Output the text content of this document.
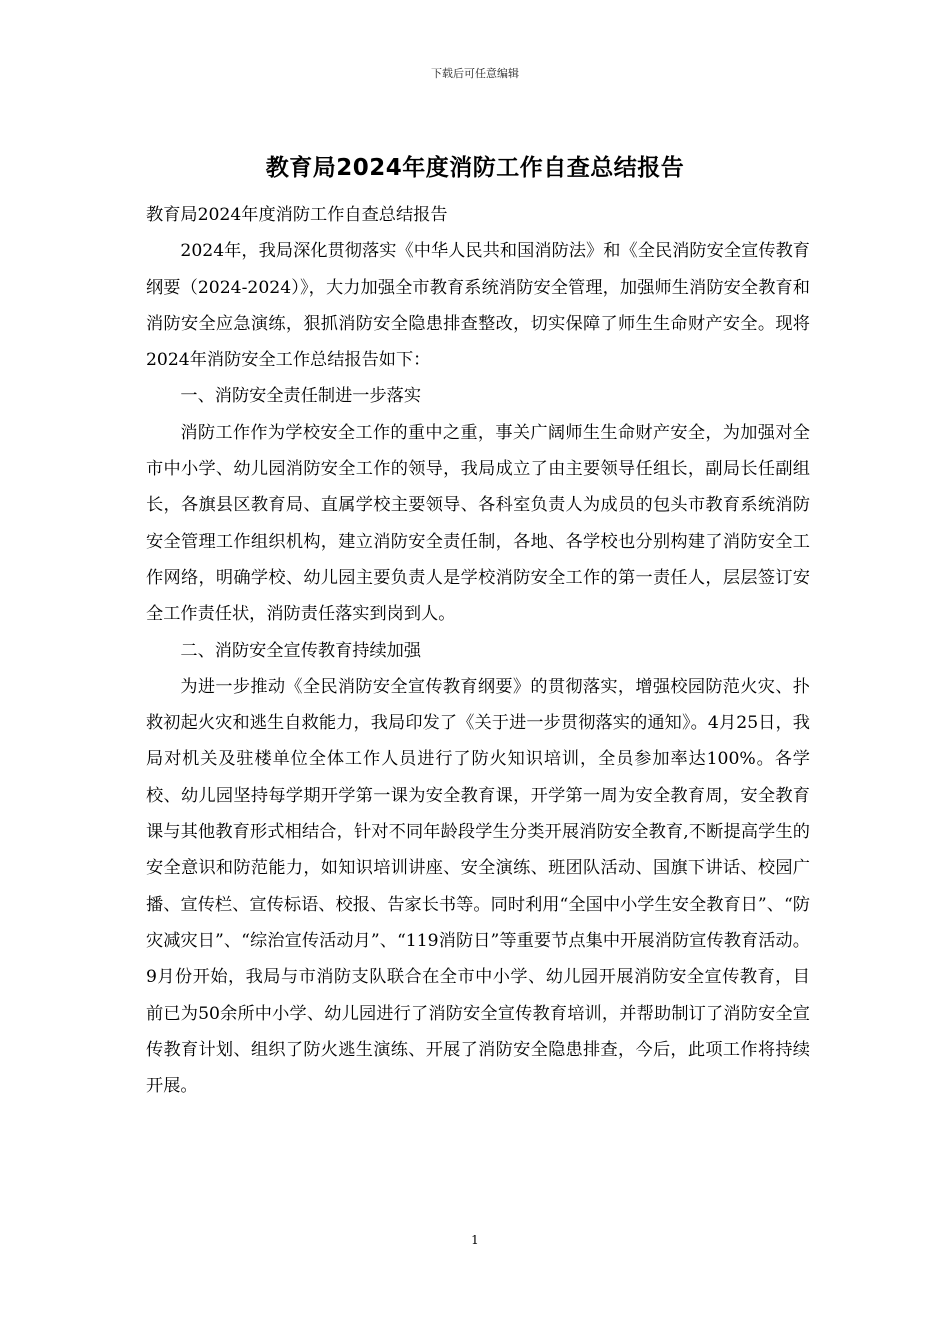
下载后可任意编辑
教育局2024年度消防工作自查总结报告

教育局2024年度消防工作自查总结报告

2024年，我局深化贯彻落实《中华人民共和国消防法》和《全民消防安全宣传教育纲要（2024-2024）》，大力加强全市教育系统消防安全管理，加强师生消防安全教育和消防安全应急演练，狠抓消防安全隐患排查整改，切实保障了师生生命财产安全。现将2024年消防安全工作总结报告如下：

一、消防安全责任制进一步落实

消防工作作为学校安全工作的重中之重，事关广阔师生生命财产安全，为加强对全市中小学、幼儿园消防安全工作的领导，我局成立了由主要领导任组长，副局长任副组长，各旗县区教育局、直属学校主要领导、各科室负责人为成员的包头市教育系统消防安全管理工作组织机构，建立消防安全责任制，各地、各学校也分别构建了消防安全工作网络，明确学校、幼儿园主要负责人是学校消防安全工作的第一责任人，层层签订安全工作责任状，消防责任落实到岗到人。

二、消防安全宣传教育持续加强

为进一步推动《全民消防安全宣传教育纲要》的贯彻落实，增强校园防范火灾、扑救初起火灾和逃生自救能力，我局印发了《关于进一步贯彻落实的通知》。4月25日，我局对机关及驻楼单位全体工作人员进行了防火知识培训，全员参加率达100%。各学校、幼儿园坚持每学期开学第一课为安全教育课，开学第一周为安全教育周，安全教育课与其他教育形式相结合，针对不同年龄段学生分类开展消防安全教育,不断提高学生的安全意识和防范能力，如知识培训讲座、安全演练、班团队活动、国旗下讲话、校园广播、宣传栏、宣传标语、校报、告家长书等。同时利用“全国中小学生安全教育日”、“防灾减灾日”、“综治宣传活动月”、“119消防日”等重要节点集中开展消防宣传教育活动。9月份开始，我局与市消防支队联合在全市中小学、幼儿园开展消防安全宣传教育，目前已为50余所中小学、幼儿园进行了消防安全宣传教育培训，并帮助制订了消防安全宣传教育计划、组织了防火逃生演练、开展了消防安全隐患排查，今后，此项工作将持续开展。

1
